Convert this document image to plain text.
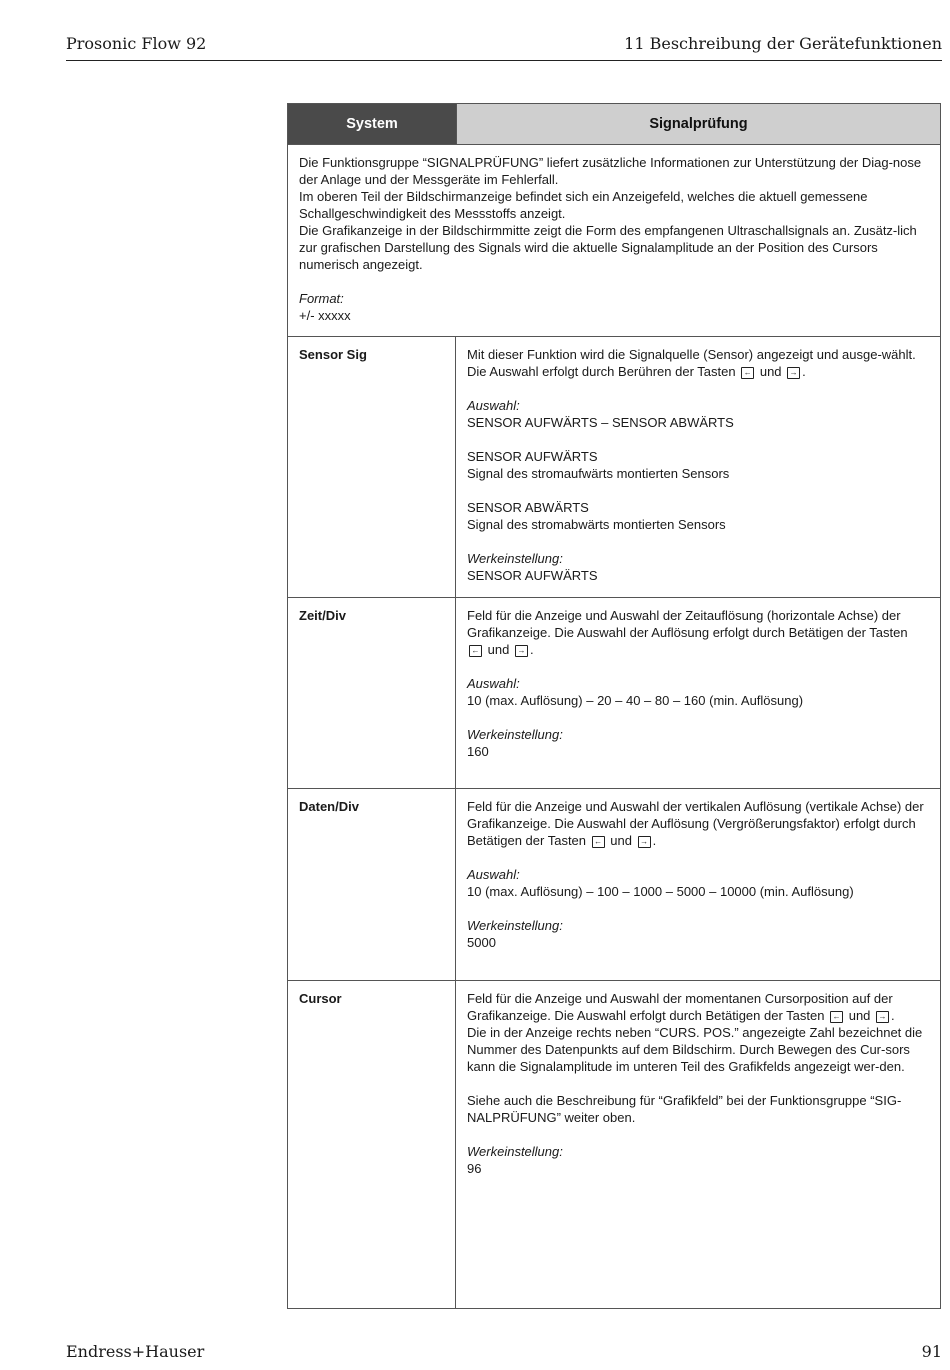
Prosonic Flow 92	11 Beschreibung der Gerätefunktionen
System	Signalprüfung

Die Funktionsgruppe “SIGNALPRÜFUNG” liefert zusätzliche Informationen zur Unterstützung der Diag-nose der Anlage und der Messgeräte im Fehlerfall.

Im oberen Teil der Bildschirmanzeige befindet sich ein Anzeigefeld, welches die aktuell gemessene Schallgeschwindigkeit des Messstoffs anzeigt.

Die Grafikanzeige in der Bildschirmmitte zeigt die Form des empfangenen Ultraschallsignals an. Zusätz-lich zur grafischen Darstellung des Signals wird die aktuelle Signalamplitude an der Position des Cursors numerisch angezeigt.

Format:

+/- xxxxx

Sensor Sig	Mit dieser Funktion wird die Signalquelle (Sensor) angezeigt und ausge-wählt. Die Auswahl erfolgt durch Berühren der Tasten ← und → .

Auswahl:

SENSOR AUFWÄRTS – SENSOR ABWÄRTS

SENSOR AUFWÄRTS

Signal des stromaufwärts montierten Sensors

SENSOR ABWÄRTS

Signal des stromabwärts montierten Sensors

Werkeinstellung:

SENSOR AUFWÄRTS

Zeit/Div	Feld für die Anzeige und Auswahl der Zeitauflösung (horizontale Achse) der Grafikanzeige. Die Auswahl der Auflösung erfolgt durch Betätigen der Tasten ← und → .

Auswahl:

10 (max. Auflösung) – 20 – 40 – 80 – 160 (min. Auflösung)

Werkeinstellung:

160

Daten/Div	Feld für die Anzeige und Auswahl der vertikalen Auflösung (vertikale Achse) der Grafikanzeige. Die Auswahl der Auflösung (Vergrößerungsfaktor) erfolgt durch Betätigen der Tasten ← und → .

Auswahl:

10 (max. Auflösung) – 100 – 1000 – 5000 – 10000 (min. Auflösung)

Werkeinstellung:

5000

Cursor	Feld für die Anzeige und Auswahl der momentanen Cursorposition auf der Grafikanzeige. Die Auswahl erfolgt durch Betätigen der Tasten ← und → .

Die in der Anzeige rechts neben “CURS. POS.” angezeigte Zahl bezeichnet die Nummer des Datenpunkts auf dem Bildschirm. Durch Bewegen des Cur-sors kann die Signalamplitude im unteren Teil des Grafikfelds angezeigt wer-den.

Siehe auch die Beschreibung für “Grafikfeld” bei der Funktionsgruppe “SIG-NALPRÜFUNG” weiter oben.

Werkeinstellung:

96

Endress+Hauser	91
